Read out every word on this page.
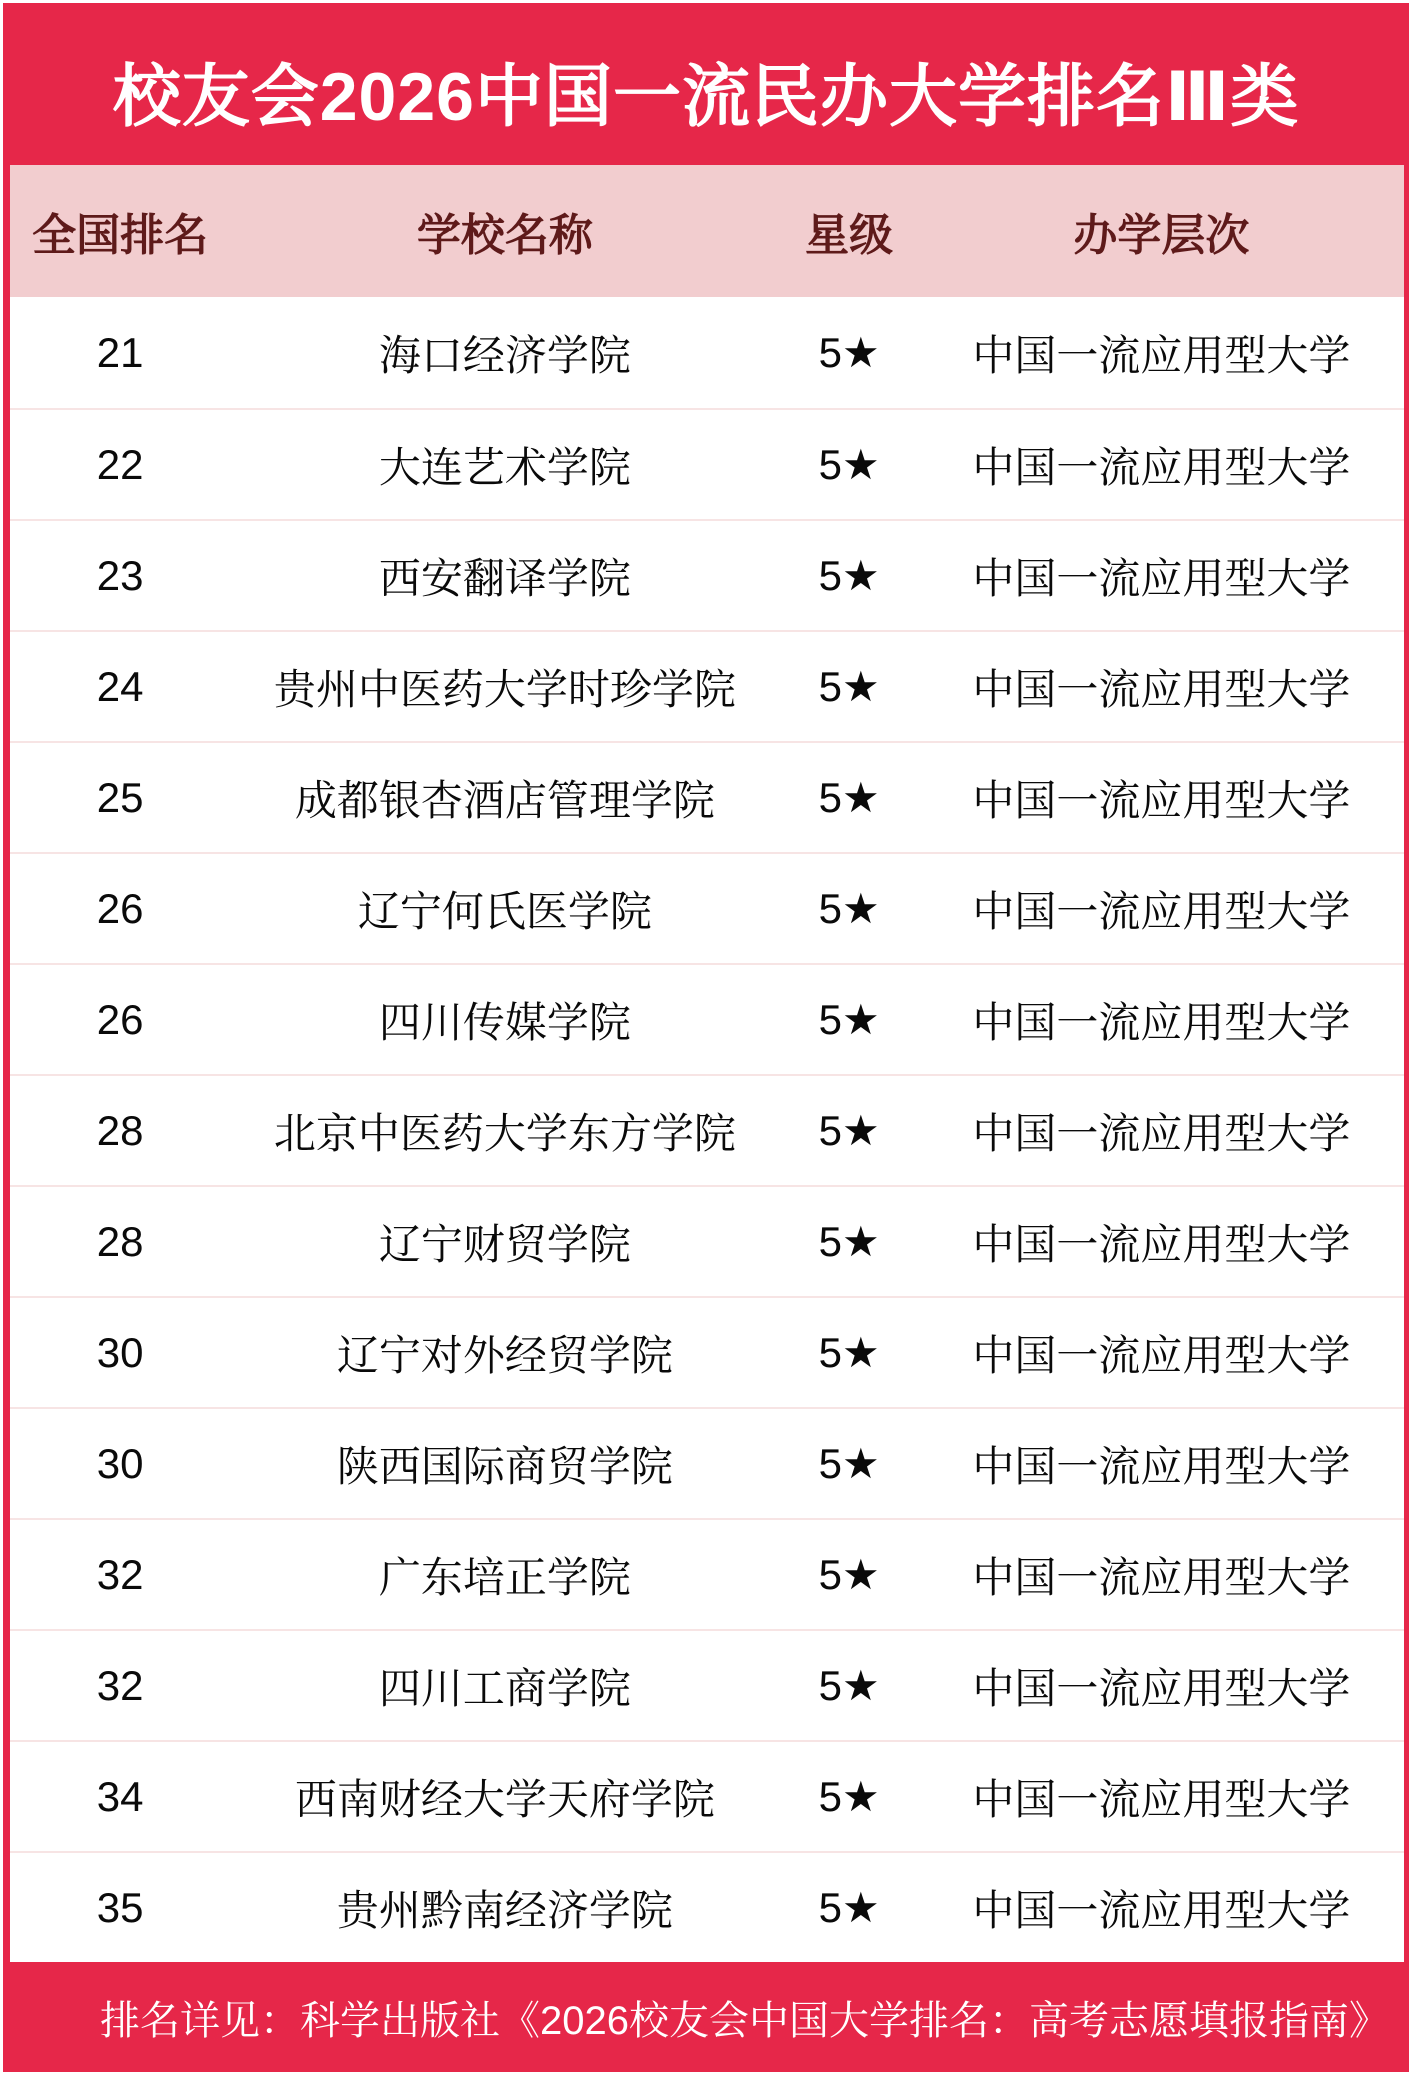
校友会2026中国一流民办大学排名Ⅲ类
全国排名	学校名称	星级	办学层次
21	海口经济学院	5★	中国一流应用型大学
22	大连艺术学院	5★	中国一流应用型大学
23	西安翻译学院	5★	中国一流应用型大学
24	贵州中医药大学时珍学院	5★	中国一流应用型大学
25	成都银杏酒店管理学院	5★	中国一流应用型大学
26	辽宁何氏医学院	5★	中国一流应用型大学
26	四川传媒学院	5★	中国一流应用型大学
28	北京中医药大学东方学院	5★	中国一流应用型大学
28	辽宁财贸学院	5★	中国一流应用型大学
30	辽宁对外经贸学院	5★	中国一流应用型大学
30	陕西国际商贸学院	5★	中国一流应用型大学
32	广东培正学院	5★	中国一流应用型大学
32	四川工商学院	5★	中国一流应用型大学
34	西南财经大学天府学院	5★	中国一流应用型大学
35	贵州黔南经济学院	5★	中国一流应用型大学
排名详见：科学出版社《2026校友会中国大学排名：高考志愿填报指南》
